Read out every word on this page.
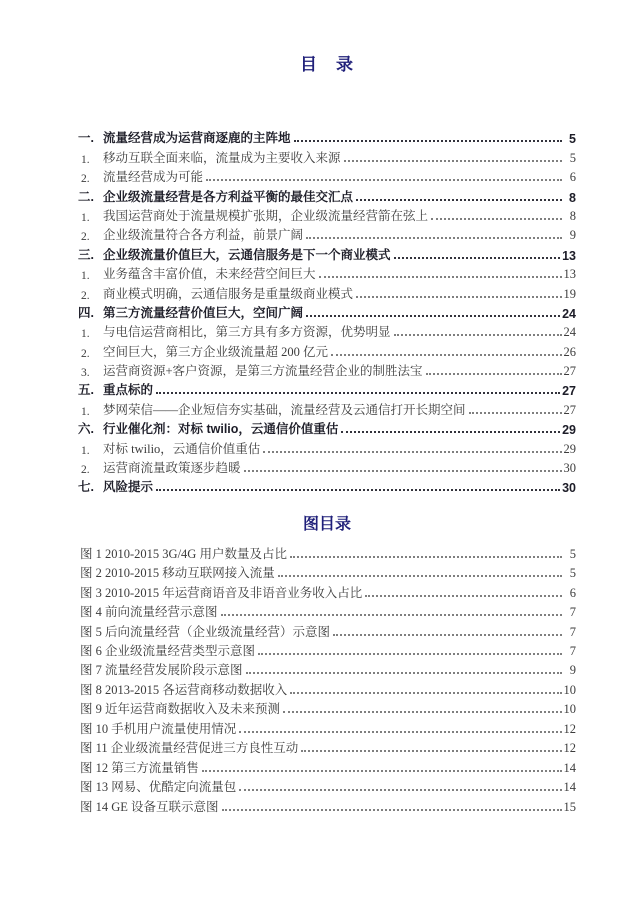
目　录
一. 流量经营成为运营商逐鹿的主阵地	5
1.	移动互联全面来临，流量成为主要收入来源	5
2.	流量经营成为可能	6
二. 企业级流量经营是各方利益平衡的最佳交汇点	8
1.	我国运营商处于流量规模扩张期，企业级流量经营箭在弦上	8
2.	企业级流量符合各方利益，前景广阔	9
三. 企业级流量价值巨大，云通信服务是下一个商业模式	13
1.	业务蕴含丰富价值，未来经营空间巨大	13
2.	商业模式明确，云通信服务是重量级商业模式	19
四. 第三方流量经营价值巨大，空间广阔	24
1.	与电信运营商相比，第三方具有多方资源，优势明显	24
2.	空间巨大，第三方企业级流量超 200 亿元	26
3.	运营商资源+客户资源，是第三方流量经营企业的制胜法宝	27
五. 重点标的	27
1.	梦网荣信——企业短信夯实基础，流量经营及云通信打开长期空间	27
六. 行业催化剂：对标 twilio，云通信价值重估	29
1.	对标 twilio，云通信价值重估	29
2.	运营商流量政策逐步趋暖	30
七. 风险提示	30
图目录
图 1 2010-2015 3G/4G 用户数量及占比	5
图 2 2010-2015 移动互联网接入流量	5
图 3 2010-2015 年运营商语音及非语音业务收入占比	6
图 4 前向流量经营示意图	7
图 5 后向流量经营（企业级流量经营）示意图	7
图 6 企业级流量经营类型示意图	7
图 7 流量经营发展阶段示意图	9
图 8 2013-2015 各运营商移动数据收入	10
图 9 近年运营商数据收入及未来预测	10
图 10 手机用户流量使用情况	12
图 11 企业级流量经营促进三方良性互动	12
图 12 第三方流量销售	14
图 13 网易、优酷定向流量包	14
图 14 GE 设备互联示意图	15
